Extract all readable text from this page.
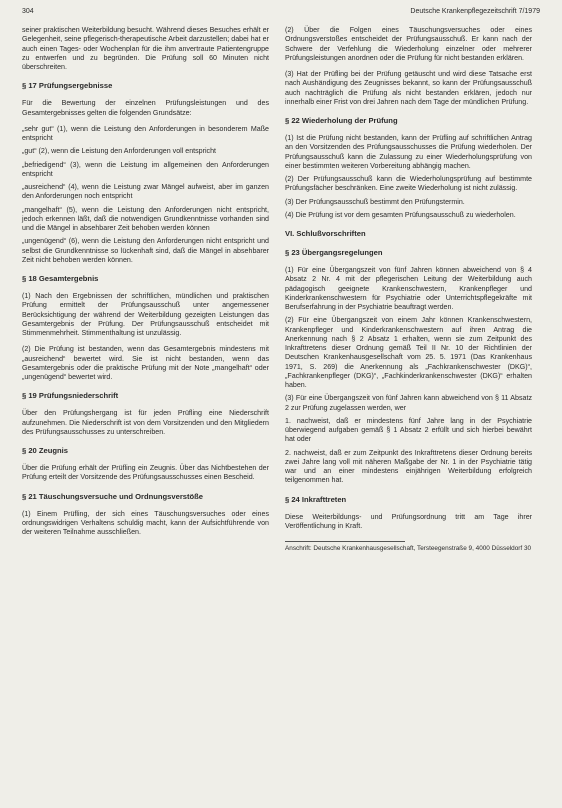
304	Deutsche Krankenpflegezeitschrift 7/1979

seiner praktischen Weiterbildung besucht. Während dieses Besuches erhält er Gelegenheit, seine pflegerisch-therapeutische Arbeit darzustellen; dabei hat er auch einen Tages- oder Wochenplan für die ihm anvertraute Patientengruppe zu entwerfen und zu begründen. Die Prüfung soll 60 Minuten nicht überschreiten.

§ 17 Prüfungsergebnisse

Für die Bewertung der einzelnen Prüfungsleistungen und des Gesamtergebnisses gelten die folgenden Grundsätze:

„sehr gut“ (1), wenn die Leistung den Anforderungen in besonderem Maße entspricht

„gut“ (2), wenn die Leistung den Anforderungen voll entspricht

„befriedigend“ (3), wenn die Leistung im allgemeinen den Anforderungen entspricht

„ausreichend“ (4), wenn die Leistung zwar Mängel aufweist, aber im ganzen den Anforderungen noch entspricht

„mangelhaft“ (5), wenn die Leistung den Anforderungen nicht entspricht, jedoch erkennen läßt, daß die notwendigen Grundkenntnisse vorhanden sind und die Mängel in absehbarer Zeit behoben werden können

„ungenügend“ (6), wenn die Leistung den Anforderungen nicht entspricht und selbst die Grundkenntnisse so lückenhaft sind, daß die Mängel in absehbarer Zeit nicht behoben werden können.

§ 18 Gesamtergebnis

(1) Nach den Ergebnissen der schriftlichen, mündlichen und praktischen Prüfung ermittelt der Prüfungsausschuß unter angemessener Berücksichtigung der während der Weiterbildung gezeigten Leistungen das Gesamtergebnis der Prüfung. Der Prüfungsausschuß entscheidet mit Stimmenmehrheit. Stimmenthaltung ist unzulässig.

(2) Die Prüfung ist bestanden, wenn das Gesamtergebnis mindestens mit „ausreichend“ bewertet wird. Sie ist nicht bestanden, wenn das Gesamtergebnis oder die praktische Prüfung mit der Note „mangelhaft“ oder „ungenügend“ bewertet wird.

§ 19 Prüfungsniederschrift

Über den Prüfungshergang ist für jeden Prüfling eine Niederschrift aufzunehmen. Die Niederschrift ist von dem Vorsitzenden und den Mitgliedern des Prüfungsausschusses zu unterschreiben.

§ 20 Zeugnis

Über die Prüfung erhält der Prüfling ein Zeugnis. Über das Nichtbestehen der Prüfung erteilt der Vorsitzende des Prüfungsausschusses einen Bescheid.

§ 21 Täuschungsversuche und Ordnungsverstöße

(1) Einem Prüfling, der sich eines Täuschungsversuches oder eines ordnungswidrigen Verhaltens schuldig macht, kann der Aufsichtführende von der weiteren Teilnahme ausschließen.

(2) Über die Folgen eines Täuschungsversuches oder eines Ordnungsverstoßes entscheidet der Prüfungsausschuß. Er kann nach der Schwere der Verfehlung die Wiederholung einzelner oder mehrerer Prüfungsleistungen anordnen oder die Prüfung für nicht bestanden erklären.

(3) Hat der Prüfling bei der Prüfung getäuscht und wird diese Tatsache erst nach Aushändigung des Zeugnisses bekannt, so kann der Prüfungsausschuß auch nachträglich die Prüfung als nicht bestanden erklären, jedoch nur innerhalb einer Frist von drei Jahren nach dem Tage der mündlichen Prüfung.

§ 22 Wiederholung der Prüfung

(1) Ist die Prüfung nicht bestanden, kann der Prüfling auf schriftlichen Antrag an den Vorsitzenden des Prüfungsausschusses die Prüfung wiederholen. Der Prüfungsausschuß kann die Zulassung zu einer Wiederholungsprüfung von einer bestimmten weiteren Vorbereitung abhängig machen.

(2) Der Prüfungsausschuß kann die Wiederholungsprüfung auf bestimmte Prüfungsfächer beschränken. Eine zweite Wiederholung ist nicht zulässig.

(3) Der Prüfungsausschuß bestimmt den Prüfungstermin.

(4) Die Prüfung ist vor dem gesamten Prüfungsausschuß zu wiederholen.

VI. Schlußvorschriften
§ 23 Übergangsregelungen

(1) Für eine Übergangszeit von fünf Jahren können abweichend von § 4 Absatz 2 Nr. 4 mit der pflegerischen Leitung der Weiterbildung auch pädagogisch geeignete Krankenschwestern, Krankenpfleger und Kinderkrankenschwestern für Psychiatrie oder Unterrichtspflegekräfte mit Berufserfahrung in der Psychiatrie beauftragt werden.

(2) Für eine Übergangszeit von einem Jahr können Krankenschwestern, Krankenpfleger und Kinderkrankenschwestern auf ihren Antrag die Anerkennung nach § 2 Absatz 1 erhalten, wenn sie zum Zeitpunkt des Inkrafttretens dieser Ordnung gemäß Teil II Nr. 10 der Richtlinien der Deutschen Krankenhausgesellschaft vom 25. 5. 1971 (Das Krankenhaus 1971, S. 269) die Anerkennung als „Fachkrankenschwester (DKG)“, „Fachkrankenpfleger (DKG)“, „Fachkinderkrankenschwester (DKG)“ erhalten haben.

(3) Für eine Übergangszeit von fünf Jahren kann abweichend von § 11 Absatz 2 zur Prüfung zugelassen werden, wer

1. nachweist, daß er mindestens fünf Jahre lang in der Psychiatrie überwiegend aufgaben gemäß § 1 Absatz 2 erfüllt und sich hierbei bewährt hat oder

2. nachweist, daß er zum Zeitpunkt des Inkrafttretens dieser Ordnung bereits zwei Jahre lang voll mit näheren Maßgabe der Nr. 1 in der Psychiatrie tätig war und an einer mindestens einjährigen Weiterbildung erfolgreich teilgenommen hat.

§ 24 Inkrafttreten

Diese Weiterbildungs- und Prüfungsordnung tritt am Tage ihrer Veröffentlichung in Kraft.

Anschrift: Deutsche Krankenhausgesellschaft, Tersteegenstraße 9, 4000 Düsseldorf 30
